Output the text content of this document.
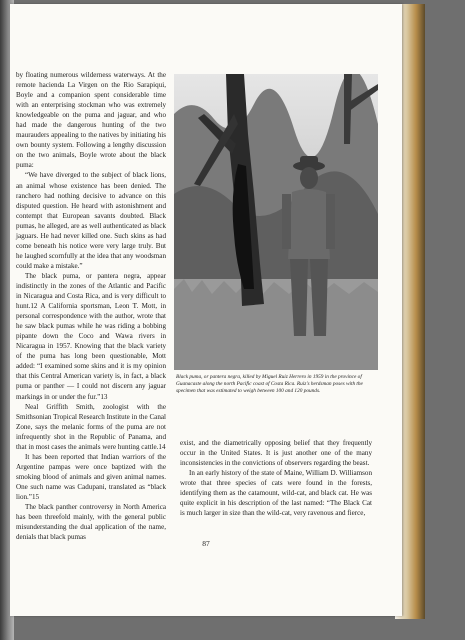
by floating numerous wilderness waterways. At the remote hacienda La Virgen on the Rio Sarapiqui, Boyle and a companion spent considerable time with an enterprising stockman who was extremely knowledgeable on the puma and jaguar, and who had made the dangerous hunting of the two maurauders appealing to the natives by initiating his own bounty system. Following a lengthy discussion on the two animals, Boyle wrote about the black puma:

“We have diverged to the subject of black lions, an animal whose existence has been denied. The ranchero had nothing decisive to advance on this disputed question. He heard with astonishment and contempt that European savants doubted. Black pumas, he alleged, are as well authenticated as black jaguars. He had never killed one. Such skins as had come beneath his notice were very large truly. But he laughed scornfully at the idea that any woodsman could make a mistake.”

The black puma, or pantera negra, appear indistinctly in the zones of the Atlantic and Pacific in Nicaragua and Costa Rica, and is very difficult to hunt.12 A California sportsman, Leon T. Mott, in personal correspondence with the author, wrote that he saw black pumas while he was riding a bobbing pipante down the Coco and Wawa rivers in Nicaragua in 1957. Knowing that the black variety of the puma has long been questionable, Mott added: “I examined some skins and it is my opinion that this Central American variety is, in fact, a black puma or panther — I could not discern any jaguar markings in or under the fur.”13

Neal Griffith Smith, zoologist with the Smithsonian Tropical Research Institute in the Canal Zone, says the melanic forms of the puma are not infrequently shot in the Republic of Panama, and that in most cases the animals were hunting cattle.14

It has been reported that Indian warriors of the Argentine pampas were once baptized with the smoking blood of animals and given animal names. One such name was Cadupani, translated as “black lion.”15

The black panther controversy in North America has been threefold mainly, with the general public misunderstanding the dual application of the name, denials that black pumas

Black puma, or pantera negra, killed by Miguel Ruiz Herrero in 1959 in the province of Guanacaste along the north Pacific coast of Costa Rica. Ruiz's herdsman poses with the specimen that was estimated to weigh between 100 and 120 pounds.

exist, and the diametrically opposing belief that they frequently occur in the United States. It is just another one of the many inconsistencies in the convictions of observers regarding the beast.

In an early history of the state of Maine, William D. Williamson wrote that three species of cats were found in the forests, identifying them as the catamount, wild-cat, and black cat. He was quite explicit in his description of the last named: “The Black Cat is much larger in size than the wild-cat, very ravenous and fierce,

87
